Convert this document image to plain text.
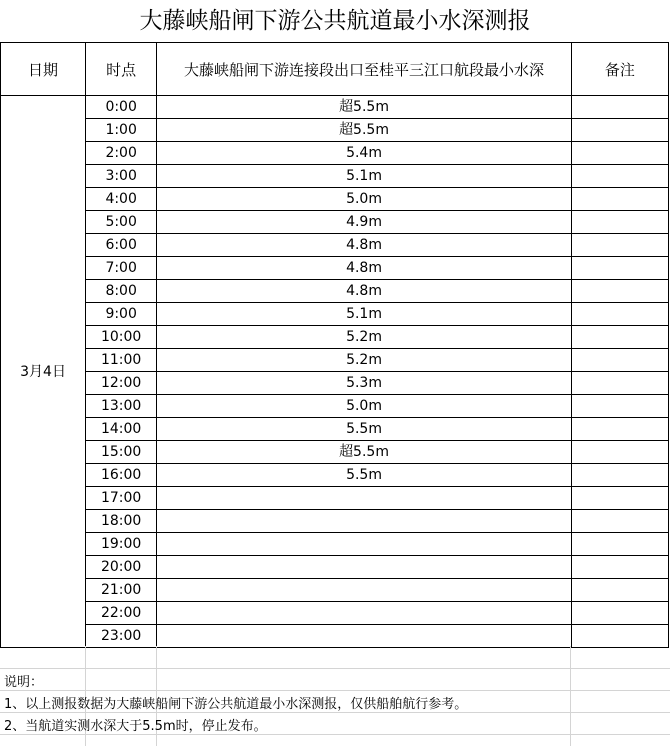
大藤峡船闸下游公共航道最小水深测报
日期	时点	大藤峡船闸下游连接段出口至桂平三江口航段最小水深	备注
3月4日	0:00	超5.5m	
	1:00	超5.5m	
	2:00	5.4m	
	3:00	5.1m	
	4:00	5.0m	
	5:00	4.9m	
	6:00	4.8m	
	7:00	4.8m	
	8:00	4.8m	
	9:00	5.1m	
	10:00	5.2m	
	11:00	5.2m	
	12:00	5.3m	
	13:00	5.0m	
	14:00	5.5m	
	15:00	超5.5m	
	16:00	5.5m	
	17:00		
	18:00		
	19:00		
	20:00		
	21:00		
	22:00		
	23:00		
说明：
1、以上测报数据为大藤峡船闸下游公共航道最小水深测报，仅供船舶航行参考。
2、当航道实测水深大于5.5m时，停止发布。
